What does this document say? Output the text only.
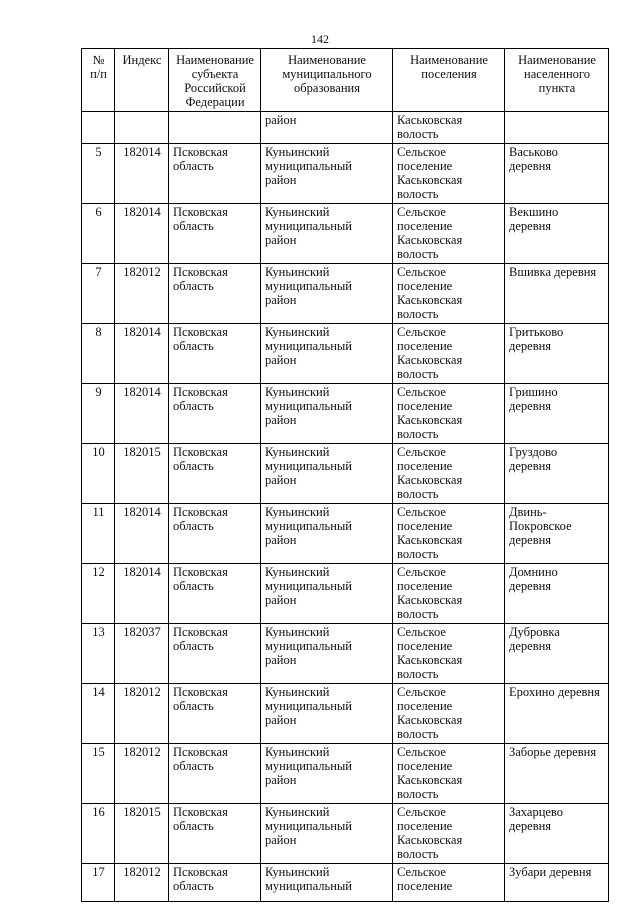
142
№
п/п	Индекс	Наименование
субъекта
Российской
Федерации	Наименование
муниципального
образования	Наименование
поселения	Наименование
населенного
пункта
			район	Каськовская
волость	
5	182014	Псковская
область	Куньинский
муниципальный
район	Сельское
поселение
Каськовская
волость	Васьково
деревня
6	182014	Псковская
область	Куньинский
муниципальный
район	Сельское
поселение
Каськовская
волость	Векшино
деревня
7	182012	Псковская
область	Куньинский
муниципальный
район	Сельское
поселение
Каськовская
волость	Вшивка деревня
8	182014	Псковская
область	Куньинский
муниципальный
район	Сельское
поселение
Каськовская
волость	Гритьково
деревня
9	182014	Псковская
область	Куньинский
муниципальный
район	Сельское
поселение
Каськовская
волость	Гришино
деревня
10	182015	Псковская
область	Куньинский
муниципальный
район	Сельское
поселение
Каськовская
волость	Груздово
деревня
11	182014	Псковская
область	Куньинский
муниципальный
район	Сельское
поселение
Каськовская
волость	Двинь-
Покровское
деревня
12	182014	Псковская
область	Куньинский
муниципальный
район	Сельское
поселение
Каськовская
волость	Домнино
деревня
13	182037	Псковская
область	Куньинский
муниципальный
район	Сельское
поселение
Каськовская
волость	Дубровка
деревня
14	182012	Псковская
область	Куньинский
муниципальный
район	Сельское
поселение
Каськовская
волость	Ерохино деревня
15	182012	Псковская
область	Куньинский
муниципальный
район	Сельское
поселение
Каськовская
волость	Заборье деревня
16	182015	Псковская
область	Куньинский
муниципальный
район	Сельское
поселение
Каськовская
волость	Захарцево
деревня
17	182012	Псковская
область	Куньинский
муниципальный	Сельское
поселение	Зубари деревня
